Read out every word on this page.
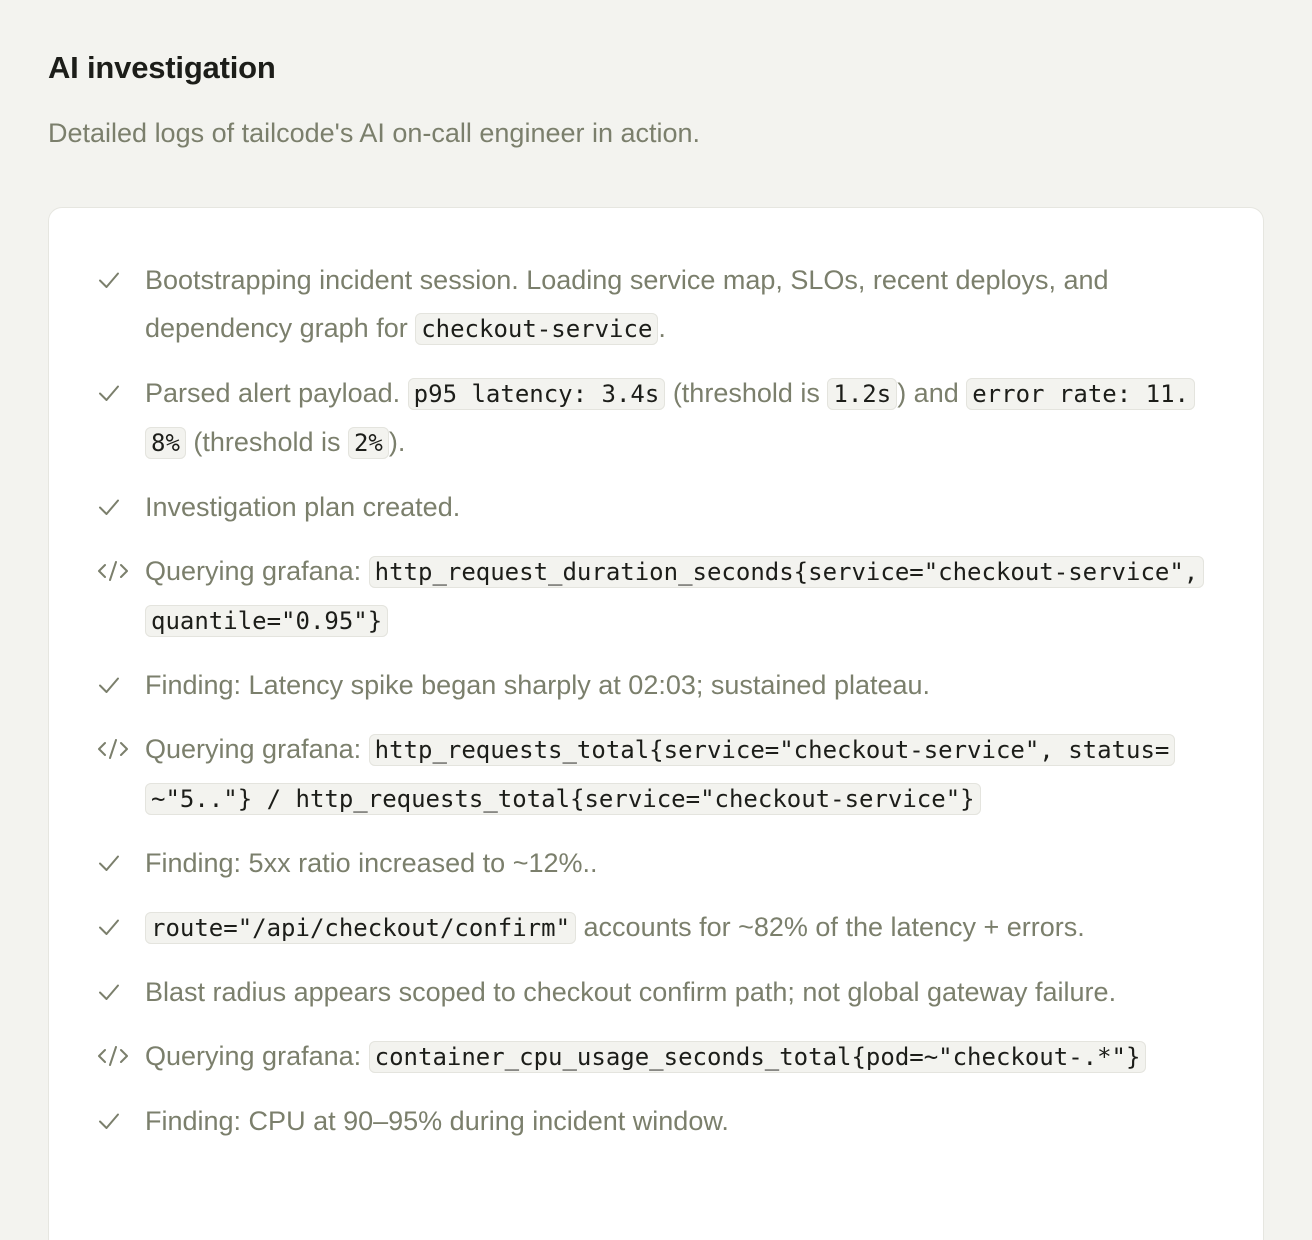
AI investigation

Detailed logs of tailcode's AI on-call engineer in action.

Bootstrapping incident session. Loading service map, SLOs, recent deploys, and dependency graph for checkout-service .
Parsed alert payload. p95 latency: 3.4s (threshold is 1.2s ) and error rate: 11.8% (threshold is 2% ).
Investigation plan created.
Querying grafana: http_request_duration_seconds{service="checkout-service", quantile="0.95"}
Finding: Latency spike began sharply at 02:03; sustained plateau.
Querying grafana: http_requests_total{service="checkout-service", status=~"5.."} / http_requests_total{service="checkout-service"}
Finding: 5xx ratio increased to ~12%..
route="/api/checkout/confirm" accounts for ~82% of the latency + errors.
Blast radius appears scoped to checkout confirm path; not global gateway failure.
Querying grafana: container_cpu_usage_seconds_total{pod=~"checkout-.*"}
Finding: CPU at 90–95% during incident window.
